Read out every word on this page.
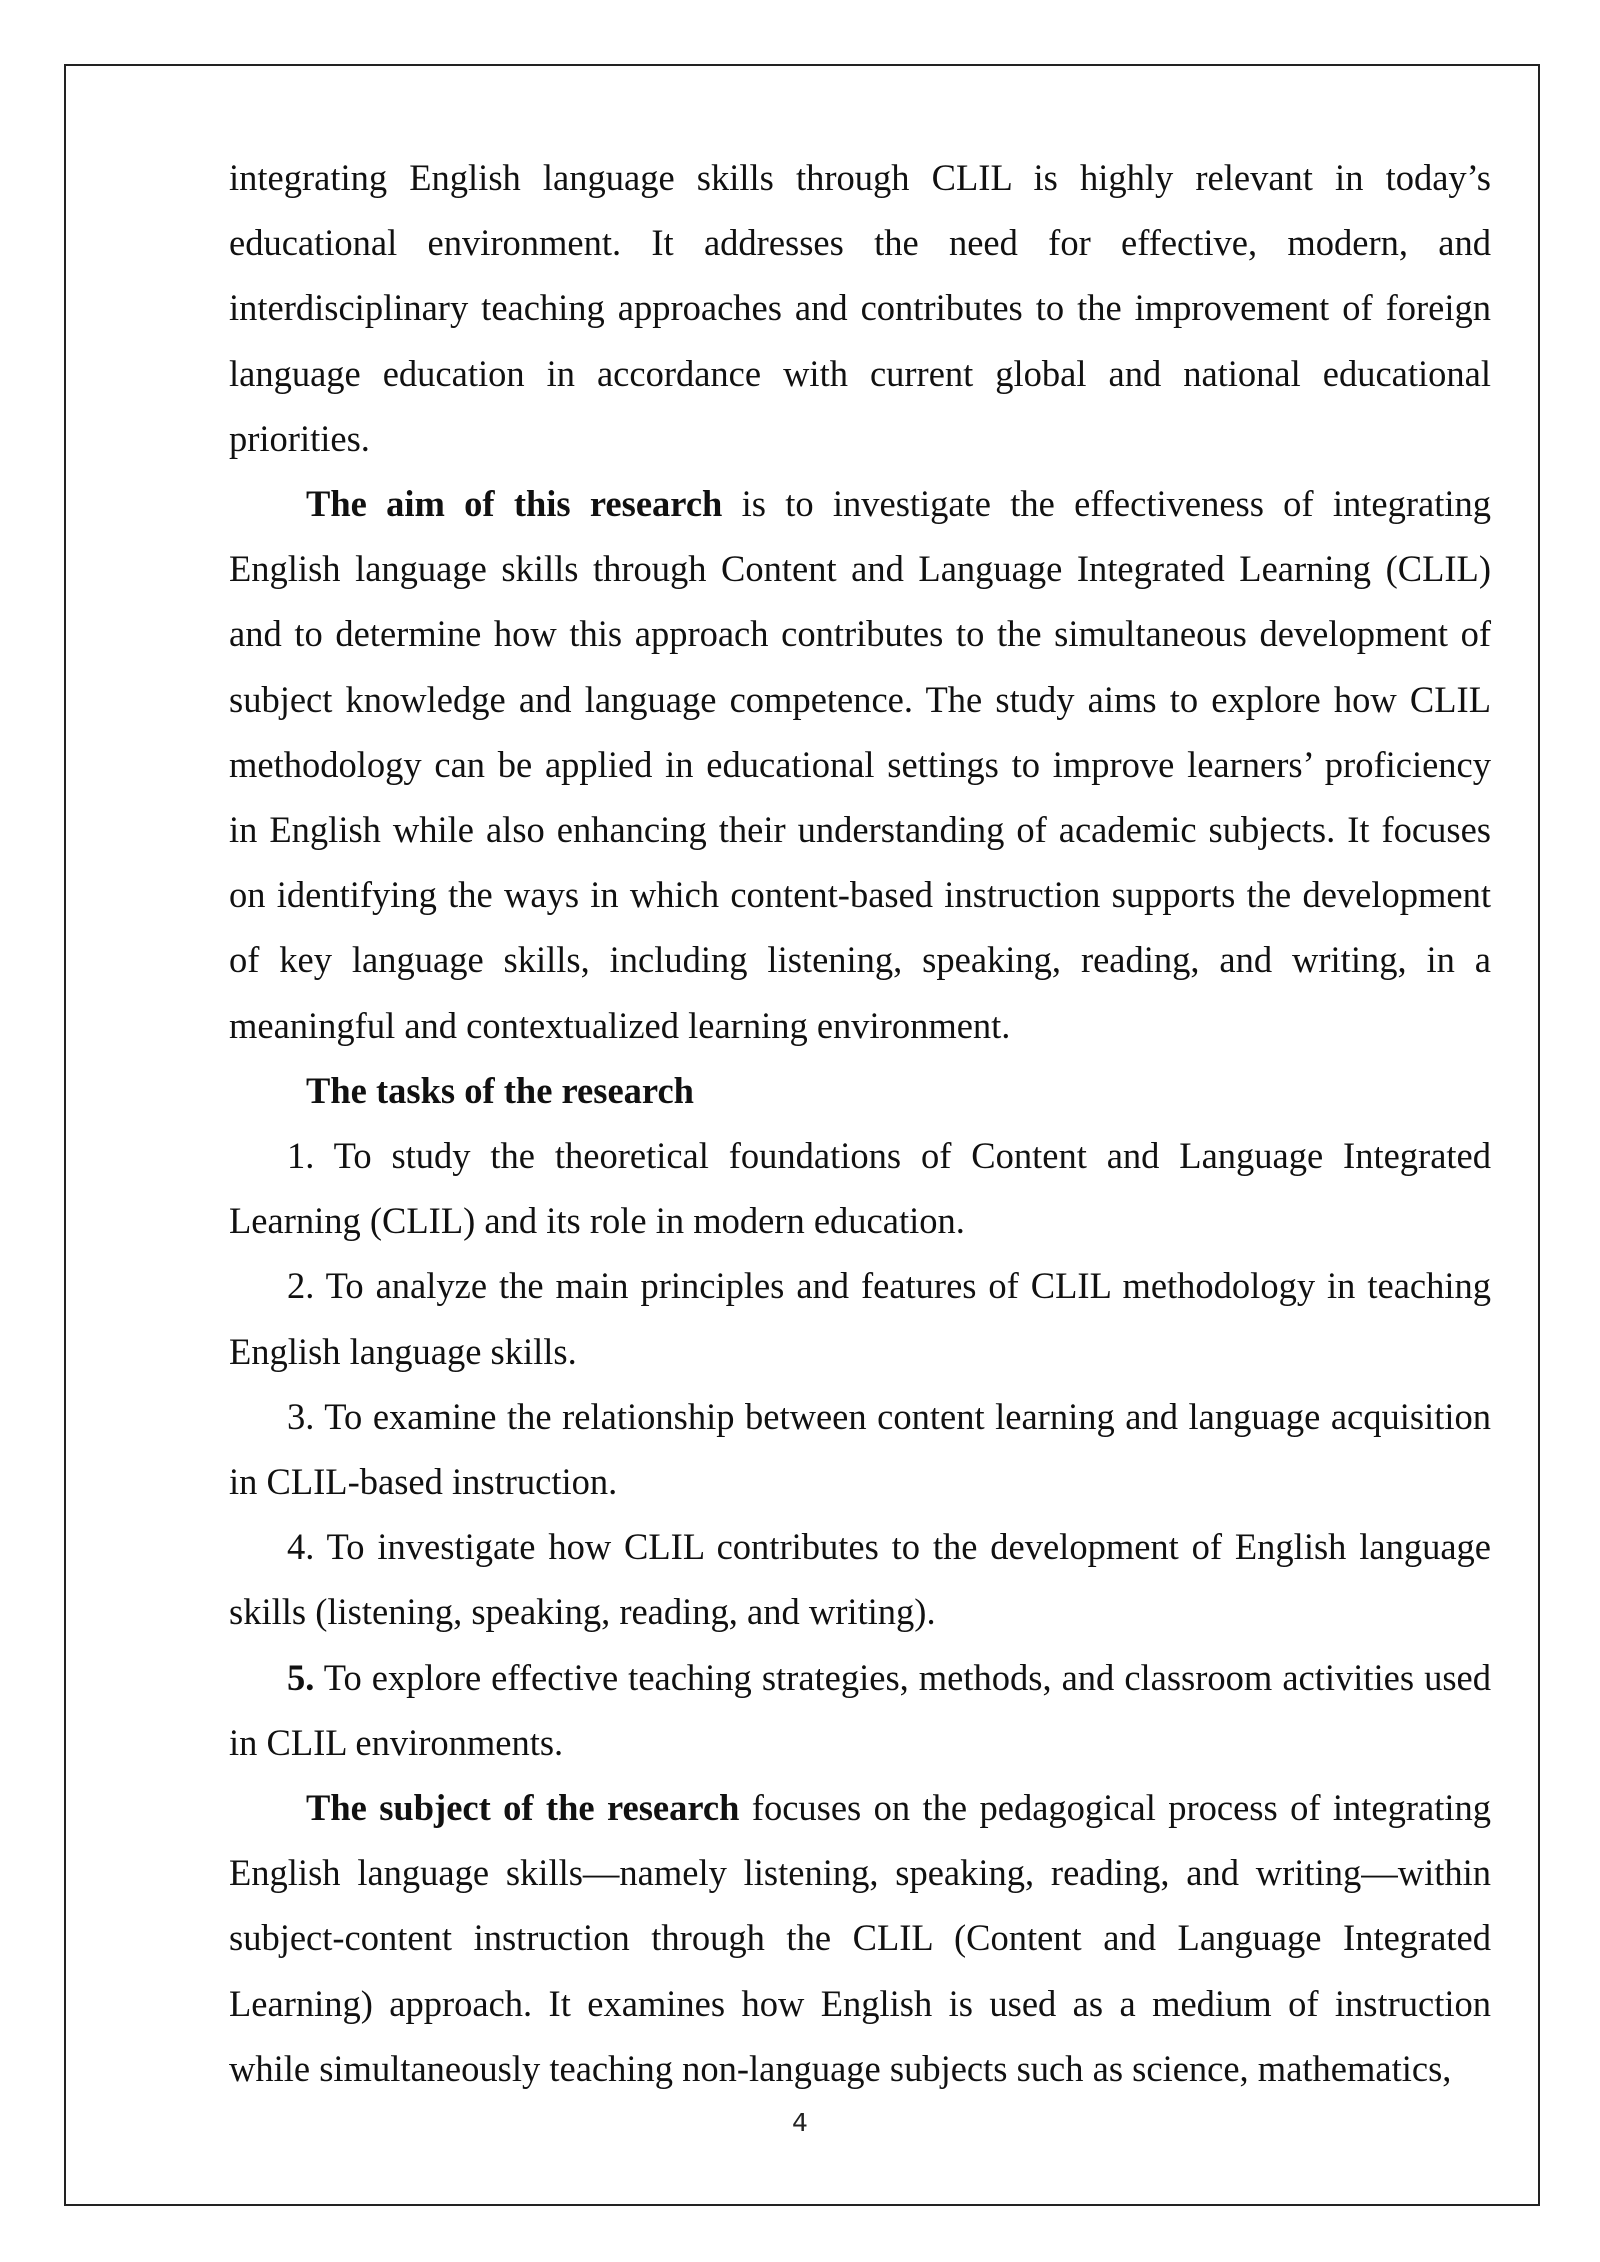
integrating English language skills through CLIL is highly relevant in today’s educational environment. It addresses the need for effective, modern, and interdisciplinary teaching approaches and contributes to the improvement of foreign language education in accordance with current global and national educational priorities.

The aim of this research is to investigate the effectiveness of integrating English language skills through Content and Language Integrated Learning (CLIL) and to determine how this approach contributes to the simultaneous development of subject knowledge and language competence. The study aims to explore how CLIL methodology can be applied in educational settings to improve learners’ proficiency in English while also enhancing their understanding of academic subjects. It focuses on identifying the ways in which content-based instruction supports the development of key language skills, including listening, speaking, reading, and writing, in a meaningful and contextualized learning environment.

The tasks of the research

1. To study the theoretical foundations of Content and Language Integrated Learning (CLIL) and its role in modern education.

2. To analyze the main principles and features of CLIL methodology in teaching English language skills.

3. To examine the relationship between content learning and language acquisition in CLIL-based instruction.

4. To investigate how CLIL contributes to the development of English language skills (listening, speaking, reading, and writing).

5. To explore effective teaching strategies, methods, and classroom activities used in CLIL environments.

The subject of the research focuses on the pedagogical process of integrating English language skills—namely listening, speaking, reading, and writing—within subject-content instruction through the CLIL (Content and Language Integrated Learning) approach. It examines how English is used as a medium of instruction while simultaneously teaching non-language subjects such as science, mathematics,

4
